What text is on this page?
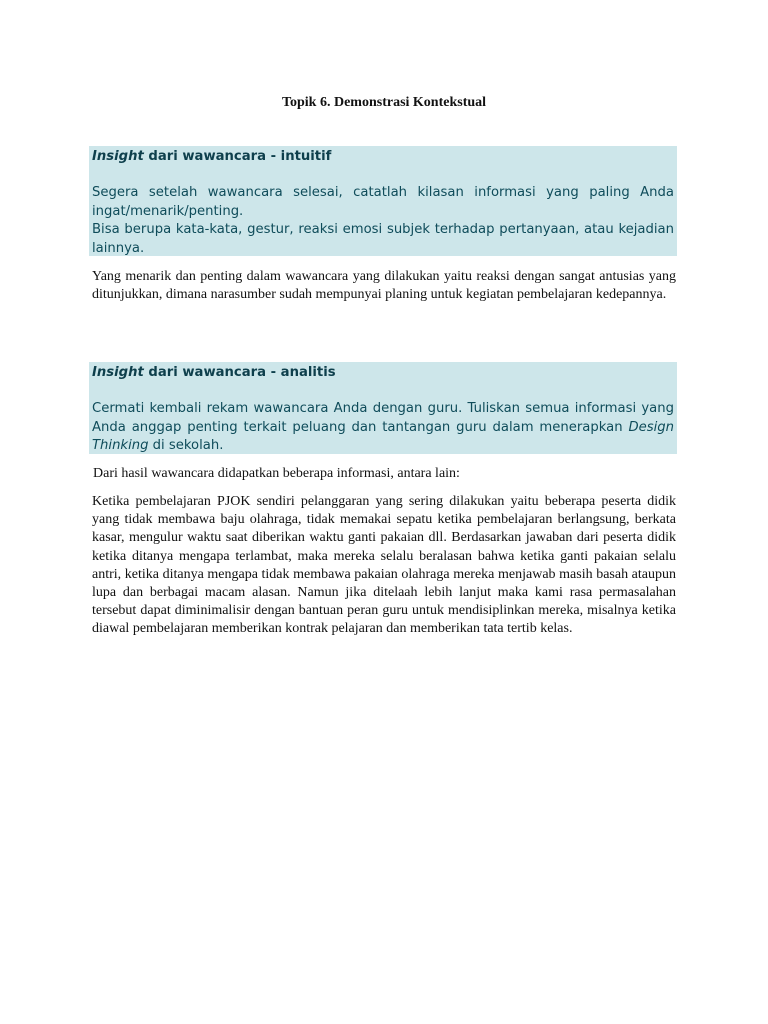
Topik 6. Demonstrasi Kontekstual
Insight dari wawancara - intuitif

Segera setelah wawancara selesai, catatlah kilasan informasi yang paling Anda ingat/menarik/penting.

Bisa berupa kata-kata, gestur, reaksi emosi subjek terhadap pertanyaan, atau kejadian lainnya.

Yang menarik dan penting dalam wawancara yang dilakukan yaitu reaksi dengan sangat antusias yang ditunjukkan, dimana narasumber sudah mempunyai planing untuk kegiatan pembelajaran kedepannya.

Insight dari wawancara - analitis
Cermati kembali rekam wawancara Anda dengan guru. Tuliskan semua informasi yang Anda anggap penting terkait peluang dan tantangan guru dalam menerapkan Design Thinking di sekolah.

Dari hasil wawancara didapatkan beberapa informasi, antara lain:

Ketika pembelajaran PJOK sendiri pelanggaran yang sering dilakukan yaitu beberapa peserta didik yang tidak membawa baju olahraga, tidak memakai sepatu ketika pembelajaran berlangsung, berkata kasar, mengulur waktu saat diberikan waktu ganti pakaian dll. Berdasarkan jawaban dari peserta didik ketika ditanya mengapa terlambat, maka mereka selalu beralasan bahwa ketika ganti pakaian selalu antri, ketika ditanya mengapa tidak membawa pakaian olahraga mereka menjawab masih basah ataupun lupa dan berbagai macam alasan. Namun jika ditelaah lebih lanjut maka kami rasa permasalahan tersebut dapat diminimalisir dengan bantuan peran guru untuk mendisiplinkan mereka, misalnya ketika diawal pembelajaran memberikan kontrak pelajaran dan memberikan tata tertib kelas.
